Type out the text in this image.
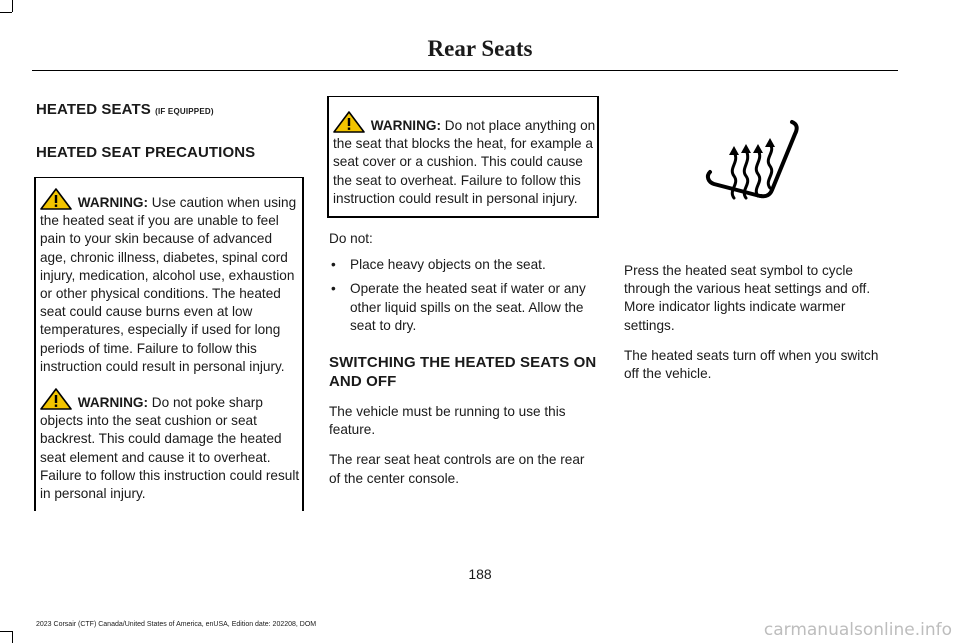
Rear Seats
HEATED SEATS (IF EQUIPPED)
HEATED SEAT PRECAUTIONS

WARNING: Use caution when using the heated seat if you are unable to feel pain to your skin because of advanced age, chronic illness, diabetes, spinal cord injury, medication, alcohol use, exhaustion or other physical conditions. The heated seat could cause burns even at low temperatures, especially if used for long periods of time. Failure to follow this instruction could result in personal injury.

WARNING: Do not poke sharp objects into the seat cushion or seat backrest. This could damage the heated seat element and cause it to overheat. Failure to follow this instruction could result in personal injury.

WARNING: Do not place anything on the seat that blocks the heat, for example a seat cover or a cushion. This could cause the seat to overheat. Failure to follow this instruction could result in personal injury.

Do not:

• Place heavy objects on the seat.
• Operate the heated seat if water or any other liquid spills on the seat. Allow the seat to dry.
SWITCHING THE HEATED SEATS ON AND OFF

The vehicle must be running to use this feature.

The rear seat heat controls are on the rear of the center console.

Press the heated seat symbol to cycle through the various heat settings and off. More indicator lights indicate warmer settings.

The heated seats turn off when you switch off the vehicle.

188
2023 Corsair (CTF) Canada/United States of America, enUSA, Edition date: 202208, DOM	carmanualsonline.info
